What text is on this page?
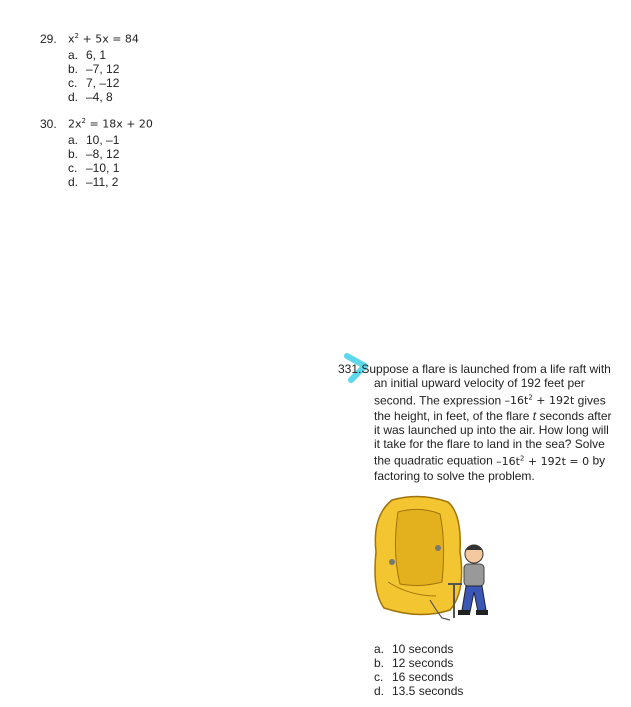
29.	$x^2 + 5x = 84$
a. 6, 1
b. –7, 12
c. 7, –12
d. –4, 8
30.	$2x^2 = 18x + 20$
a. 10, –1
b. –8, 12
c. –10, 1
d. –11, 2
331.Suppose a flare is launched from a life raft with
an initial upward velocity of 192 feet per
second. The expression $-16t^2 + 192t$ gives
the height, in feet, of the flare t seconds after
it was launched up into the air. How long will
it take for the flare to land in the sea? Solve
the quadratic equation $-16t^2 + 192t = 0$ by
factoring to solve the problem.
a. 10 seconds
b. 12 seconds
c. 16 seconds
d. 13.5 seconds
